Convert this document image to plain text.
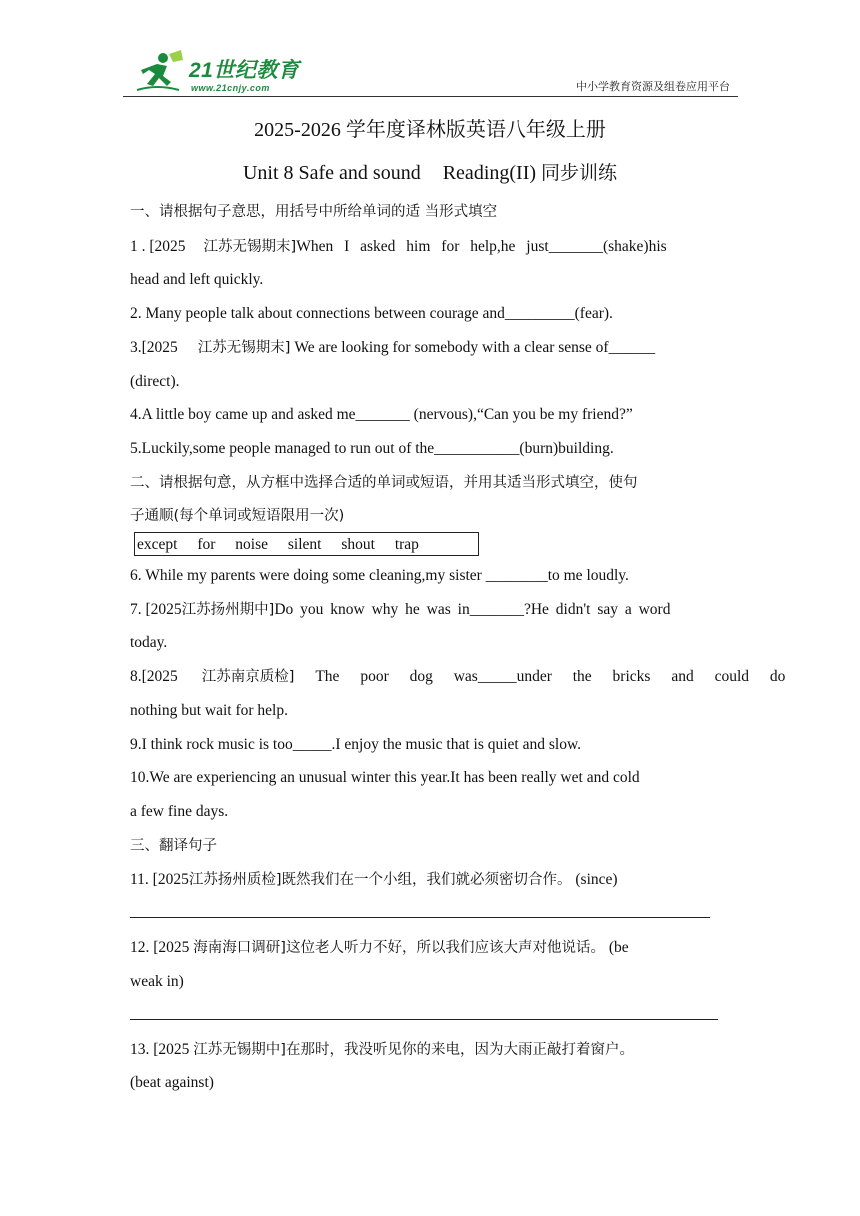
21世纪教育
www.21cnjy.com	中小学教育资源及组卷应用平台
2025-2026 学年度译林版英语八年级上册
Unit 8 Safe and sound Reading(II) 同步训练
一、请根据句子意思，用括号中所给单词的适 当形式填空
1 . [2025 江苏无锡期末]When I asked him for help,he just_______(shake)his
head and left quickly.
2. Many people talk about connections between courage and_________(fear).
3.[2025 江苏无锡期末] We are looking for somebody with a clear sense of______
(direct).
4.A little boy came up and asked me_______ (nervous),“Can you be my friend?”
5.Luckily,some people managed to run out of the___________(burn)building.
二、请根据句意，从方框中选择合适的单词或短语，并用其适当形式填空，使句
子通顺(每个单词或短语限用一次)
except for noise silent shout trap
6. While my parents were doing some cleaning,my sister ________to me loudly.
7. [2025江苏扬州期中]Do you know why he was in_______?He didn't say a word
today.
8.[2025 江苏南京质检] The poor dog was_____under the bricks and could do
nothing but wait for help.
9.I think rock music is too_____.I enjoy the music that is quiet and slow.
10.We are experiencing an unusual winter this year.It has been really wet and cold
a few fine days.
三、翻译句子
11. [2025江苏扬州质检]既然我们在一个小组，我们就必须密切合作。 (since)
12. [2025 海南海口调研]这位老人听力不好，所以我们应该大声对他说话。 (be
weak in)
13. [2025 江苏无锡期中]在那时，我没听见你的来电，因为大雨正敲打着窗户。
(beat against)
